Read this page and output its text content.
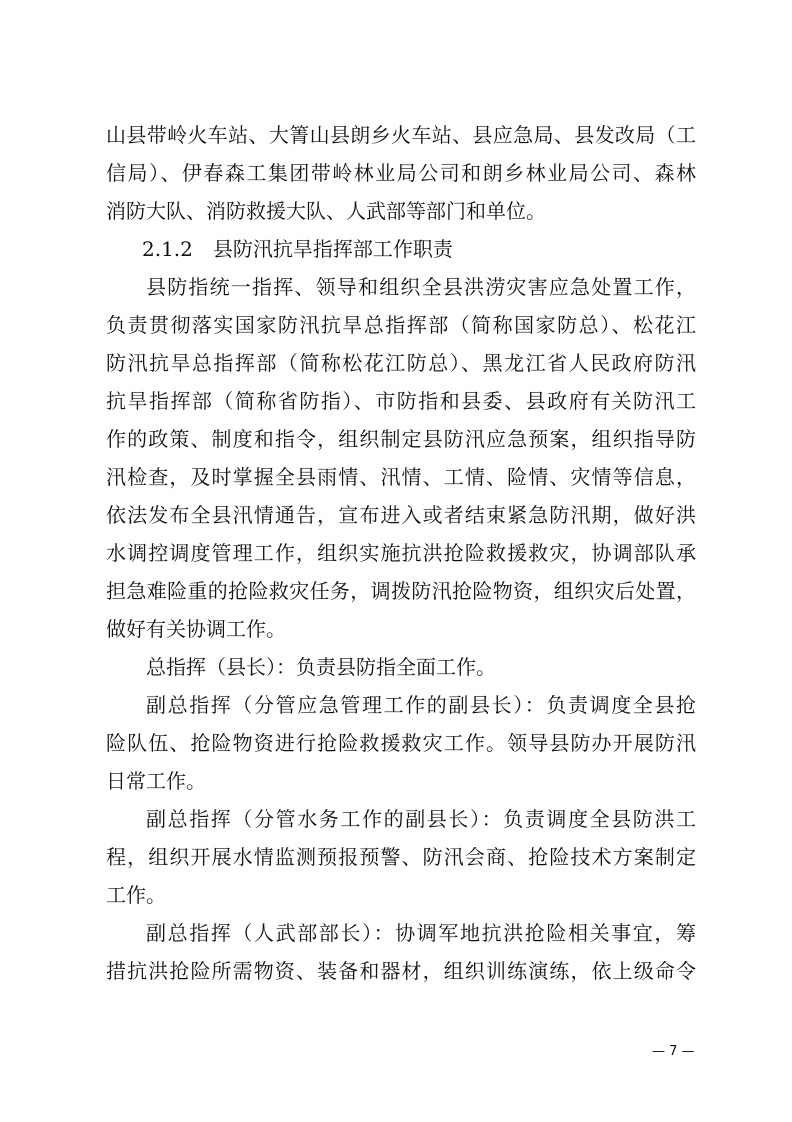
山县带岭火车站、大箐山县朗乡火车站、县应急局、县发改局（工
信局）、伊春森工集团带岭林业局公司和朗乡林业局公司、森林
消防大队、消防救援大队、人武部等部门和单位。
2.1.2　县防汛抗旱指挥部工作职责
县防指统一指挥、领导和组织全县洪涝灾害应急处置工作，
负责贯彻落实国家防汛抗旱总指挥部（简称国家防总）、松花江
防汛抗旱总指挥部（简称松花江防总）、黑龙江省人民政府防汛
抗旱指挥部（简称省防指）、市防指和县委、县政府有关防汛工
作的政策、制度和指令，组织制定县防汛应急预案，组织指导防
汛检查，及时掌握全县雨情、汛情、工情、险情、灾情等信息，
依法发布全县汛情通告，宣布进入或者结束紧急防汛期，做好洪
水调控调度管理工作，组织实施抗洪抢险救援救灾，协调部队承
担急难险重的抢险救灾任务，调拨防汛抢险物资，组织灾后处置，
做好有关协调工作。
总指挥（县长）：负责县防指全面工作。
副总指挥（分管应急管理工作的副县长）：负责调度全县抢
险队伍、抢险物资进行抢险救援救灾工作。领导县防办开展防汛
日常工作。
副总指挥（分管水务工作的副县长）：负责调度全县防洪工
程，组织开展水情监测预报预警、防汛会商、抢险技术方案制定
工作。
副总指挥（人武部部长）：协调军地抗洪抢险相关事宜，筹
措抗洪抢险所需物资、装备和器材，组织训练演练，依上级命令
— 7 —
